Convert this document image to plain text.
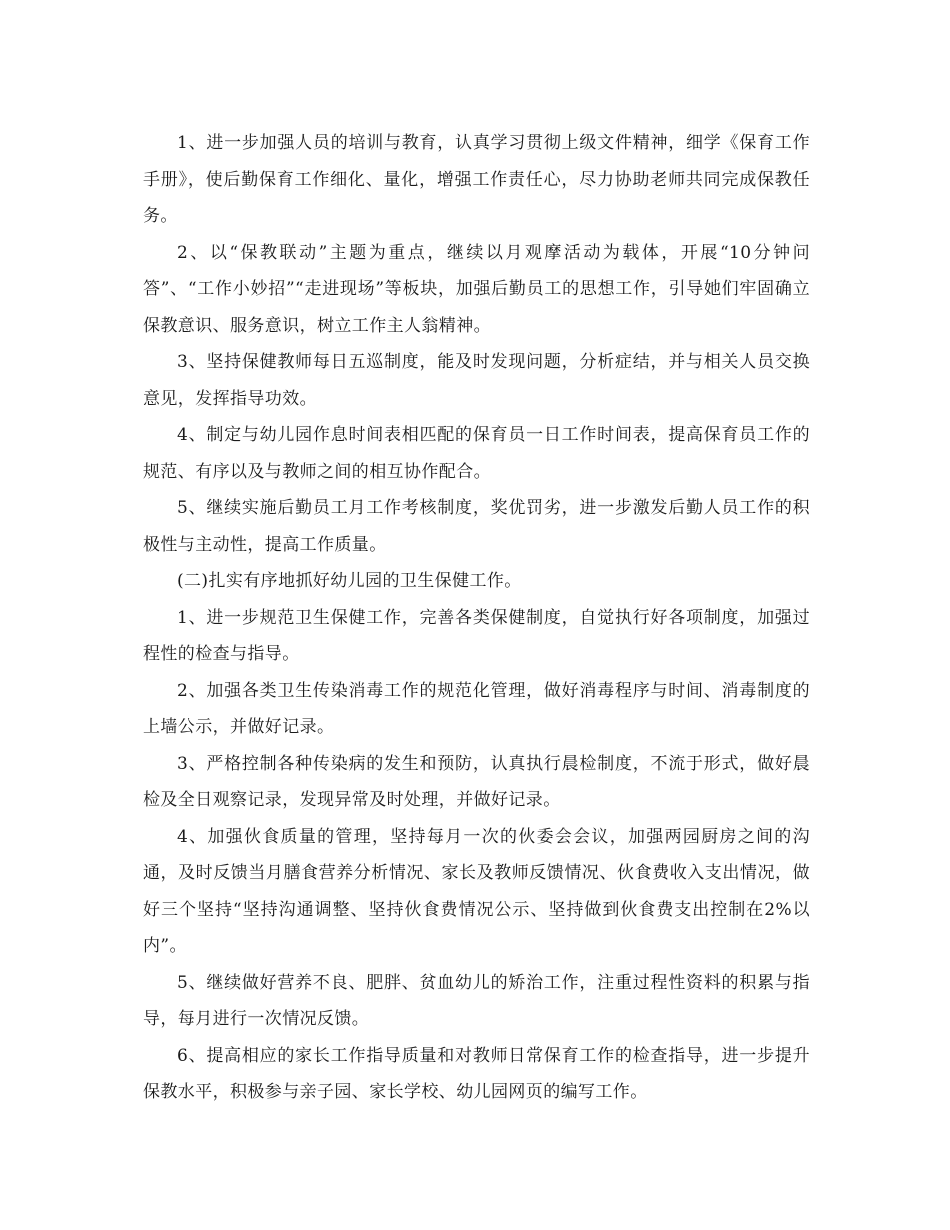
1、进一步加强人员的培训与教育，认真学习贯彻上级文件精神，细学《保育工作手册》，使后勤保育工作细化、量化，增强工作责任心，尽力协助老师共同完成保教任务。

2、以“保教联动”主题为重点，继续以月观摩活动为载体，开展“10分钟问答”、“工作小妙招”“走进现场”等板块，加强后勤员工的思想工作，引导她们牢固确立保教意识、服务意识，树立工作主人翁精神。

3、坚持保健教师每日五巡制度，能及时发现问题，分析症结，并与相关人员交换意见，发挥指导功效。

4、制定与幼儿园作息时间表相匹配的保育员一日工作时间表，提高保育员工作的规范、有序以及与教师之间的相互协作配合。

5、继续实施后勤员工月工作考核制度，奖优罚劣，进一步激发后勤人员工作的积极性与主动性，提高工作质量。

(二)扎实有序地抓好幼儿园的卫生保健工作。

1、进一步规范卫生保健工作，完善各类保健制度，自觉执行好各项制度，加强过程性的检查与指导。

2、加强各类卫生传染消毒工作的规范化管理，做好消毒程序与时间、消毒制度的上墙公示，并做好记录。

3、严格控制各种传染病的发生和预防，认真执行晨检制度，不流于形式，做好晨检及全日观察记录，发现异常及时处理，并做好记录。

4、加强伙食质量的管理，坚持每月一次的伙委会会议，加强两园厨房之间的沟通，及时反馈当月膳食营养分析情况、家长及教师反馈情况、伙食费收入支出情况，做好三个坚持“坚持沟通调整、坚持伙食费情况公示、坚持做到伙食费支出控制在2%以内”。

5、继续做好营养不良、肥胖、贫血幼儿的矫治工作，注重过程性资料的积累与指导，每月进行一次情况反馈。

6、提高相应的家长工作指导质量和对教师日常保育工作的检查指导，进一步提升保教水平，积极参与亲子园、家长学校、幼儿园网页的编写工作。
